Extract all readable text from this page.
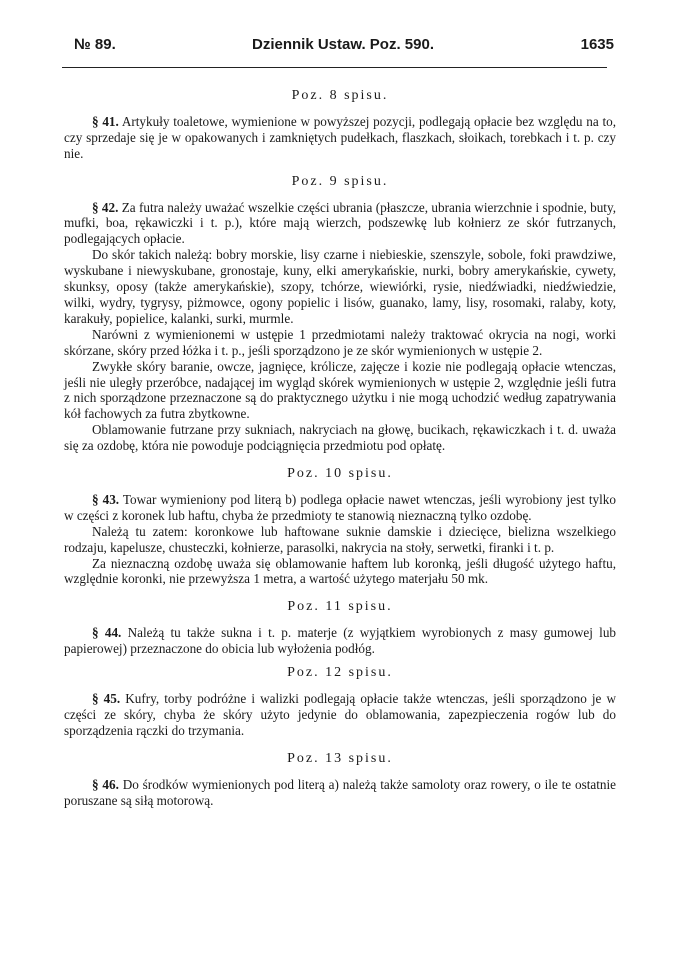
№ 89.	Dziennik Ustaw. Poz. 590.	1635
Poz. 8 spisu.

§ 41. Artykuły toaletowe, wymienione w powyższej pozycji, podlegają opłacie bez względu na to, czy sprzedaje się je w opakowanych i zamkniętych pudełkach, flaszkach, słoikach, torebkach i t. p. czy nie.

Poz. 9 spisu.

§ 42. Za futra należy uważać wszelkie części ubrania (płaszcze, ubrania wierzchnie i spodnie, buty, mufki, boa, rękawiczki i t. p.), które mają wierzch, podszewkę lub kołnierz ze skór futrzanych, podlegających opłacie.

Do skór takich należą: bobry morskie, lisy czarne i niebieskie, szenszyle, sobole, foki prawdziwe, wyskubane i niewyskubane, gronostaje, kuny, elki amerykańskie, nurki, bobry amerykańskie, cywety, skunksy, oposy (także amerykańskie), szopy, tchórze, wiewiórki, rysie, niedźwiadki, niedźwiedzie, wilki, wydry, tygrysy, piżmowce, ogony popielic i lisów, guanako, lamy, lisy, rosomaki, ralaby, koty, karakuły, popielice, kalanki, surki, murmle.

Narówni z wymienionemi w ustępie 1 przedmiotami należy traktować okrycia na nogi, worki skórzane, skóry przed łóżka i t. p., jeśli sporządzono je ze skór wymienionych w ustępie 2.

Zwykłe skóry baranie, owcze, jagnięce, królicze, zajęcze i kozie nie podlegają opłacie wtenczas, jeśli nie uległy przeróbce, nadającej im wygląd skórek wymienionych w ustępie 2, względnie jeśli futra z nich sporządzone przeznaczone są do praktycznego użytku i nie mogą uchodzić według zapatrywania kół fachowych za futra zbytkowne.

Oblamowanie futrzane przy sukniach, nakryciach na głowę, bucikach, rękawiczkach i t. d. uważa się za ozdobę, która nie powoduje podciągnięcia przedmiotu pod opłatę.

Poz. 10 spisu.

§ 43. Towar wymieniony pod literą b) podlega opłacie nawet wtenczas, jeśli wyrobiony jest tylko w części z koronek lub haftu, chyba że przedmioty te stanowią nieznaczną tylko ozdobę.

Należą tu zatem: koronkowe lub haftowane suknie damskie i dziecięce, bielizna wszelkiego rodzaju, kapelusze, chusteczki, kołnierze, parasolki, nakrycia na stoły, serwetki, firanki i t. p.

Za nieznaczną ozdobę uważa się oblamowanie haftem lub koronką, jeśli długość użytego haftu, względnie koronki, nie przewyższa 1 metra, a wartość użytego materjału 50 mk.

Poz. 11 spisu.

§ 44. Należą tu także sukna i t. p. materje (z wyjątkiem wyrobionych z masy gumowej lub papierowej) przeznaczone do obicia lub wyłożenia podłóg.

Poz. 12 spisu.

§ 45. Kufry, torby podróżne i walizki podlegają opłacie także wtenczas, jeśli sporządzono je w części ze skóry, chyba że skóry użyto jedynie do oblamowania, zapezpieczenia rogów lub do sporządzenia rączki do trzymania.

Poz. 13 spisu.

§ 46. Do środków wymienionych pod literą a) należą także samoloty oraz rowery, o ile te ostatnie poruszane są siłą motorową.
